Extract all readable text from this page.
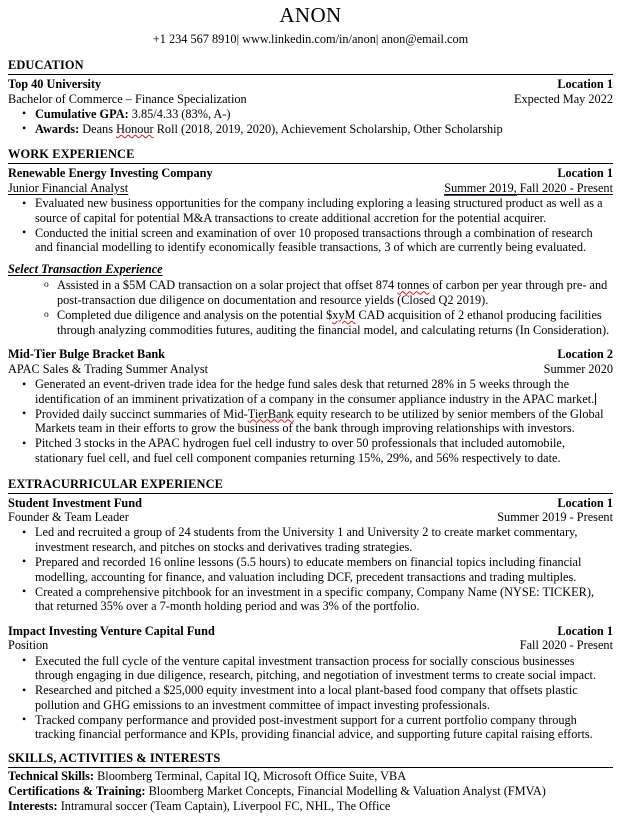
ANON
+1 234 567 8910| www.linkedin.com/in/anon| anon@email.com
EDUCATION
Top 40 University	Location 1
Bachelor of Commerce – Finance Specialization	Expected May 2022
• Cumulative GPA: 3.85/4.33 (83%, A-)
• Awards: Deans Honour Roll (2018, 2019, 2020), Achievement Scholarship, Other Scholarship
WORK EXPERIENCE
Renewable Energy Investing Company	Location 1
Junior Financial Analyst	Summer 2019, Fall 2020 - Present
• Evaluated new business opportunities for the company including exploring a leasing structured product as well as a source of capital for potential M&A transactions to create additional accretion for the potential acquirer.
• Conducted the initial screen and examination of over 10 proposed transactions through a combination of research and financial modelling to identify economically feasible transactions, 3 of which are currently being evaluated.
Select Transaction Experience
o Assisted in a $5M CAD transaction on a solar project that offset 874 tonnes of carbon per year through pre- and post-transaction due diligence on documentation and resource yields (Closed Q2 2019).
o Completed due diligence and analysis on the potential $xyM CAD acquisition of 2 ethanol producing facilities through analyzing commodities futures, auditing the financial model, and calculating returns (In Consideration).
Mid-Tier Bulge Bracket Bank	Location 2
APAC Sales & Trading Summer Analyst	Summer 2020
• Generated an event-driven trade idea for the hedge fund sales desk that returned 28% in 5 weeks through the identification of an imminent privatization of a company in the consumer appliance industry in the APAC market.
• Provided daily succinct summaries of Mid-TierBank equity research to be utilized by senior members of the Global Markets team in their efforts to grow the business of the bank through improving relationships with investors.
• Pitched 3 stocks in the APAC hydrogen fuel cell industry to over 50 professionals that included automobile, stationary fuel cell, and fuel cell component companies returning 15%, 29%, and 56% respectively to date.
EXTRACURRICULAR EXPERIENCE
Student Investment Fund	Location 1
Founder & Team Leader	Summer 2019 - Present
• Led and recruited a group of 24 students from the University 1 and University 2 to create market commentary, investment research, and pitches on stocks and derivatives trading strategies.
• Prepared and recorded 16 online lessons (5.5 hours) to educate members on financial topics including financial modelling, accounting for finance, and valuation including DCF, precedent transactions and trading multiples.
• Created a comprehensive pitchbook for an investment in a specific company, Company Name (NYSE: TICKER), that returned 35% over a 7-month holding period and was 3% of the portfolio.
Impact Investing Venture Capital Fund	Location 1
Position	Fall 2020 - Present
• Executed the full cycle of the venture capital investment transaction process for socially conscious businesses through engaging in due diligence, research, pitching, and negotiation of investment terms to create social impact.
• Researched and pitched a $25,000 equity investment into a local plant-based food company that offsets plastic pollution and GHG emissions to an investment committee of impact investing professionals.
• Tracked company performance and provided post-investment support for a current portfolio company through tracking financial performance and KPIs, providing financial advice, and supporting future capital raising efforts.
SKILLS, ACTIVITIES & INTERESTS
Technical Skills: Bloomberg Terminal, Capital IQ, Microsoft Office Suite, VBA
Certifications & Training: Bloomberg Market Concepts, Financial Modelling & Valuation Analyst (FMVA)
Interests: Intramural soccer (Team Captain), Liverpool FC, NHL, The Office
